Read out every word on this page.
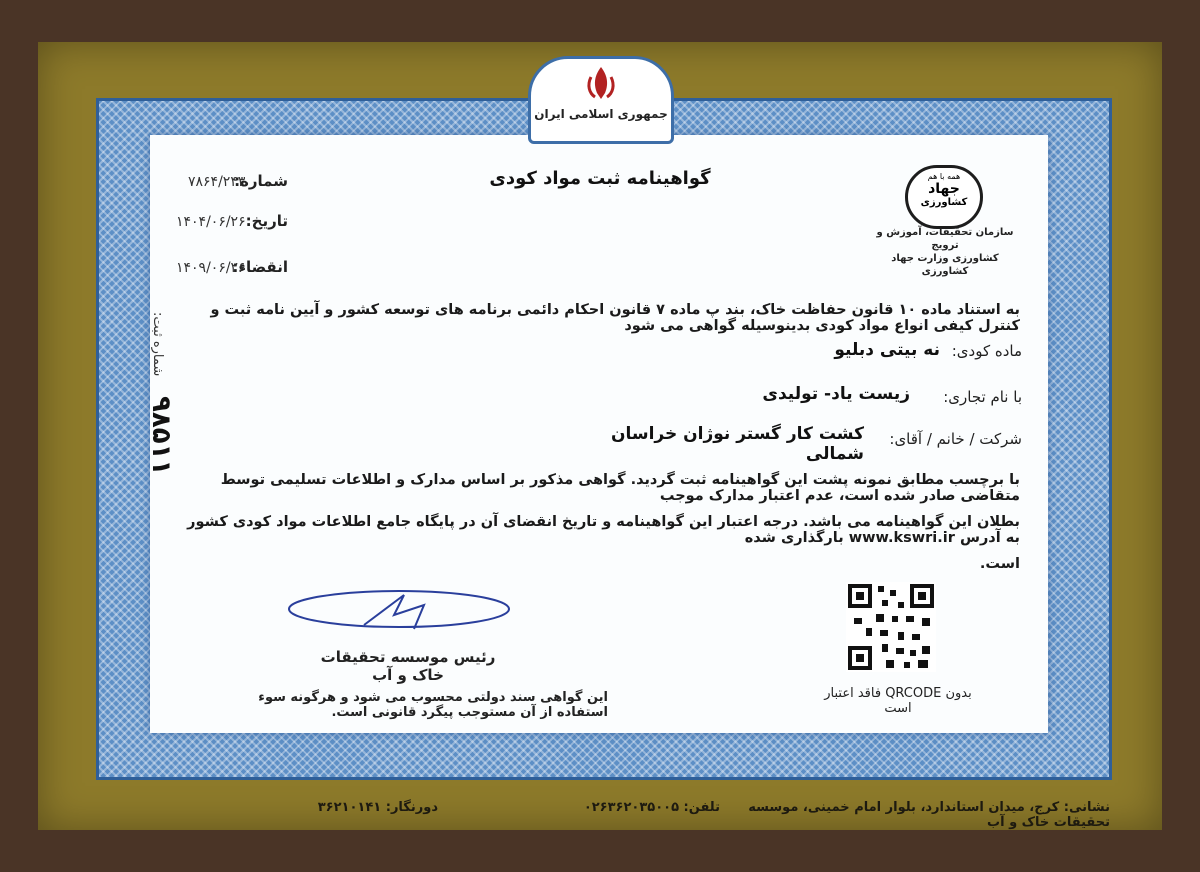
جمهوری اسلامی ایران
گواهینامه ثبت مواد کودی
شماره:
۷۸۶۴/۲۴۳
تاریخ:
۱۴۰۴/۰۶/۲۶
انقضاء:
۱۴۰۹/۰۶/۲۶
همه با هم
جهاد
کشاورزی
سازمان تحقیقات، آموزش و ترویج
کشاورزی وزارت جهاد کشاورزی
به استناد ماده ۱۰ قانون حفاظت خاک، بند پ ماده ۷ قانون احکام دائمی برنامه های توسعه کشور و آیین نامه ثبت و کنترل کیفی انواع مواد کودی بدینوسیله گواهی می شود
ماده کودی:
نه بیتی دبلیو
با نام تجاری:
زیست یاد- تولیدی
شرکت / خانم / آقای:
کشت کار گستر نوژان خراسان شمالی
با برچسب مطابق نمونه پشت این گواهینامه ثبت گردید. گواهی مذکور بر اساس مدارک و اطلاعات تسلیمی توسط متقاضی صادر شده است، عدم اعتبار مدارک موجب
بطلان این گواهینامه می باشد. درجه اعتبار این گواهینامه و تاریخ انقضای آن در پایگاه جامع اطلاعات مواد کودی کشور به آدرس www.kswri.ir بارگذاری شده
است.
شماره ثبت:
۹۸۵۱۱
رئیس موسسه تحقیقات خاک و آب
بدون QRCODE فاقد اعتبار است
این گواهی سند دولتی محسوب می شود و هرگونه سوء استفاده از آن مستوجب پیگرد قانونی است.
نشانی: کرج، میدان استاندارد، بلوار امام خمینی، موسسه تحقیقات خاک و آب
تلفن: ۰۲۶۳۶۲۰۳۵۰۰۵
دورنگار: ۳۶۲۱۰۱۴۱
